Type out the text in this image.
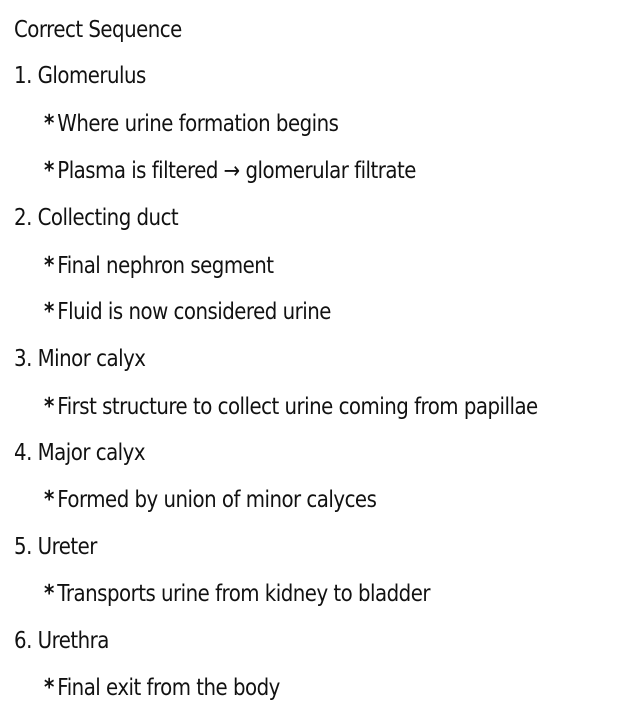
Correct Sequence
1. Glomerulus
* Where urine formation begins
* Plasma is filtered → glomerular filtrate
2. Collecting duct
* Final nephron segment
* Fluid is now considered urine
3. Minor calyx
* First structure to collect urine coming from papillae
4. Major calyx
* Formed by union of minor calyces
5. Ureter
* Transports urine from kidney to bladder
6. Urethra
* Final exit from the body
